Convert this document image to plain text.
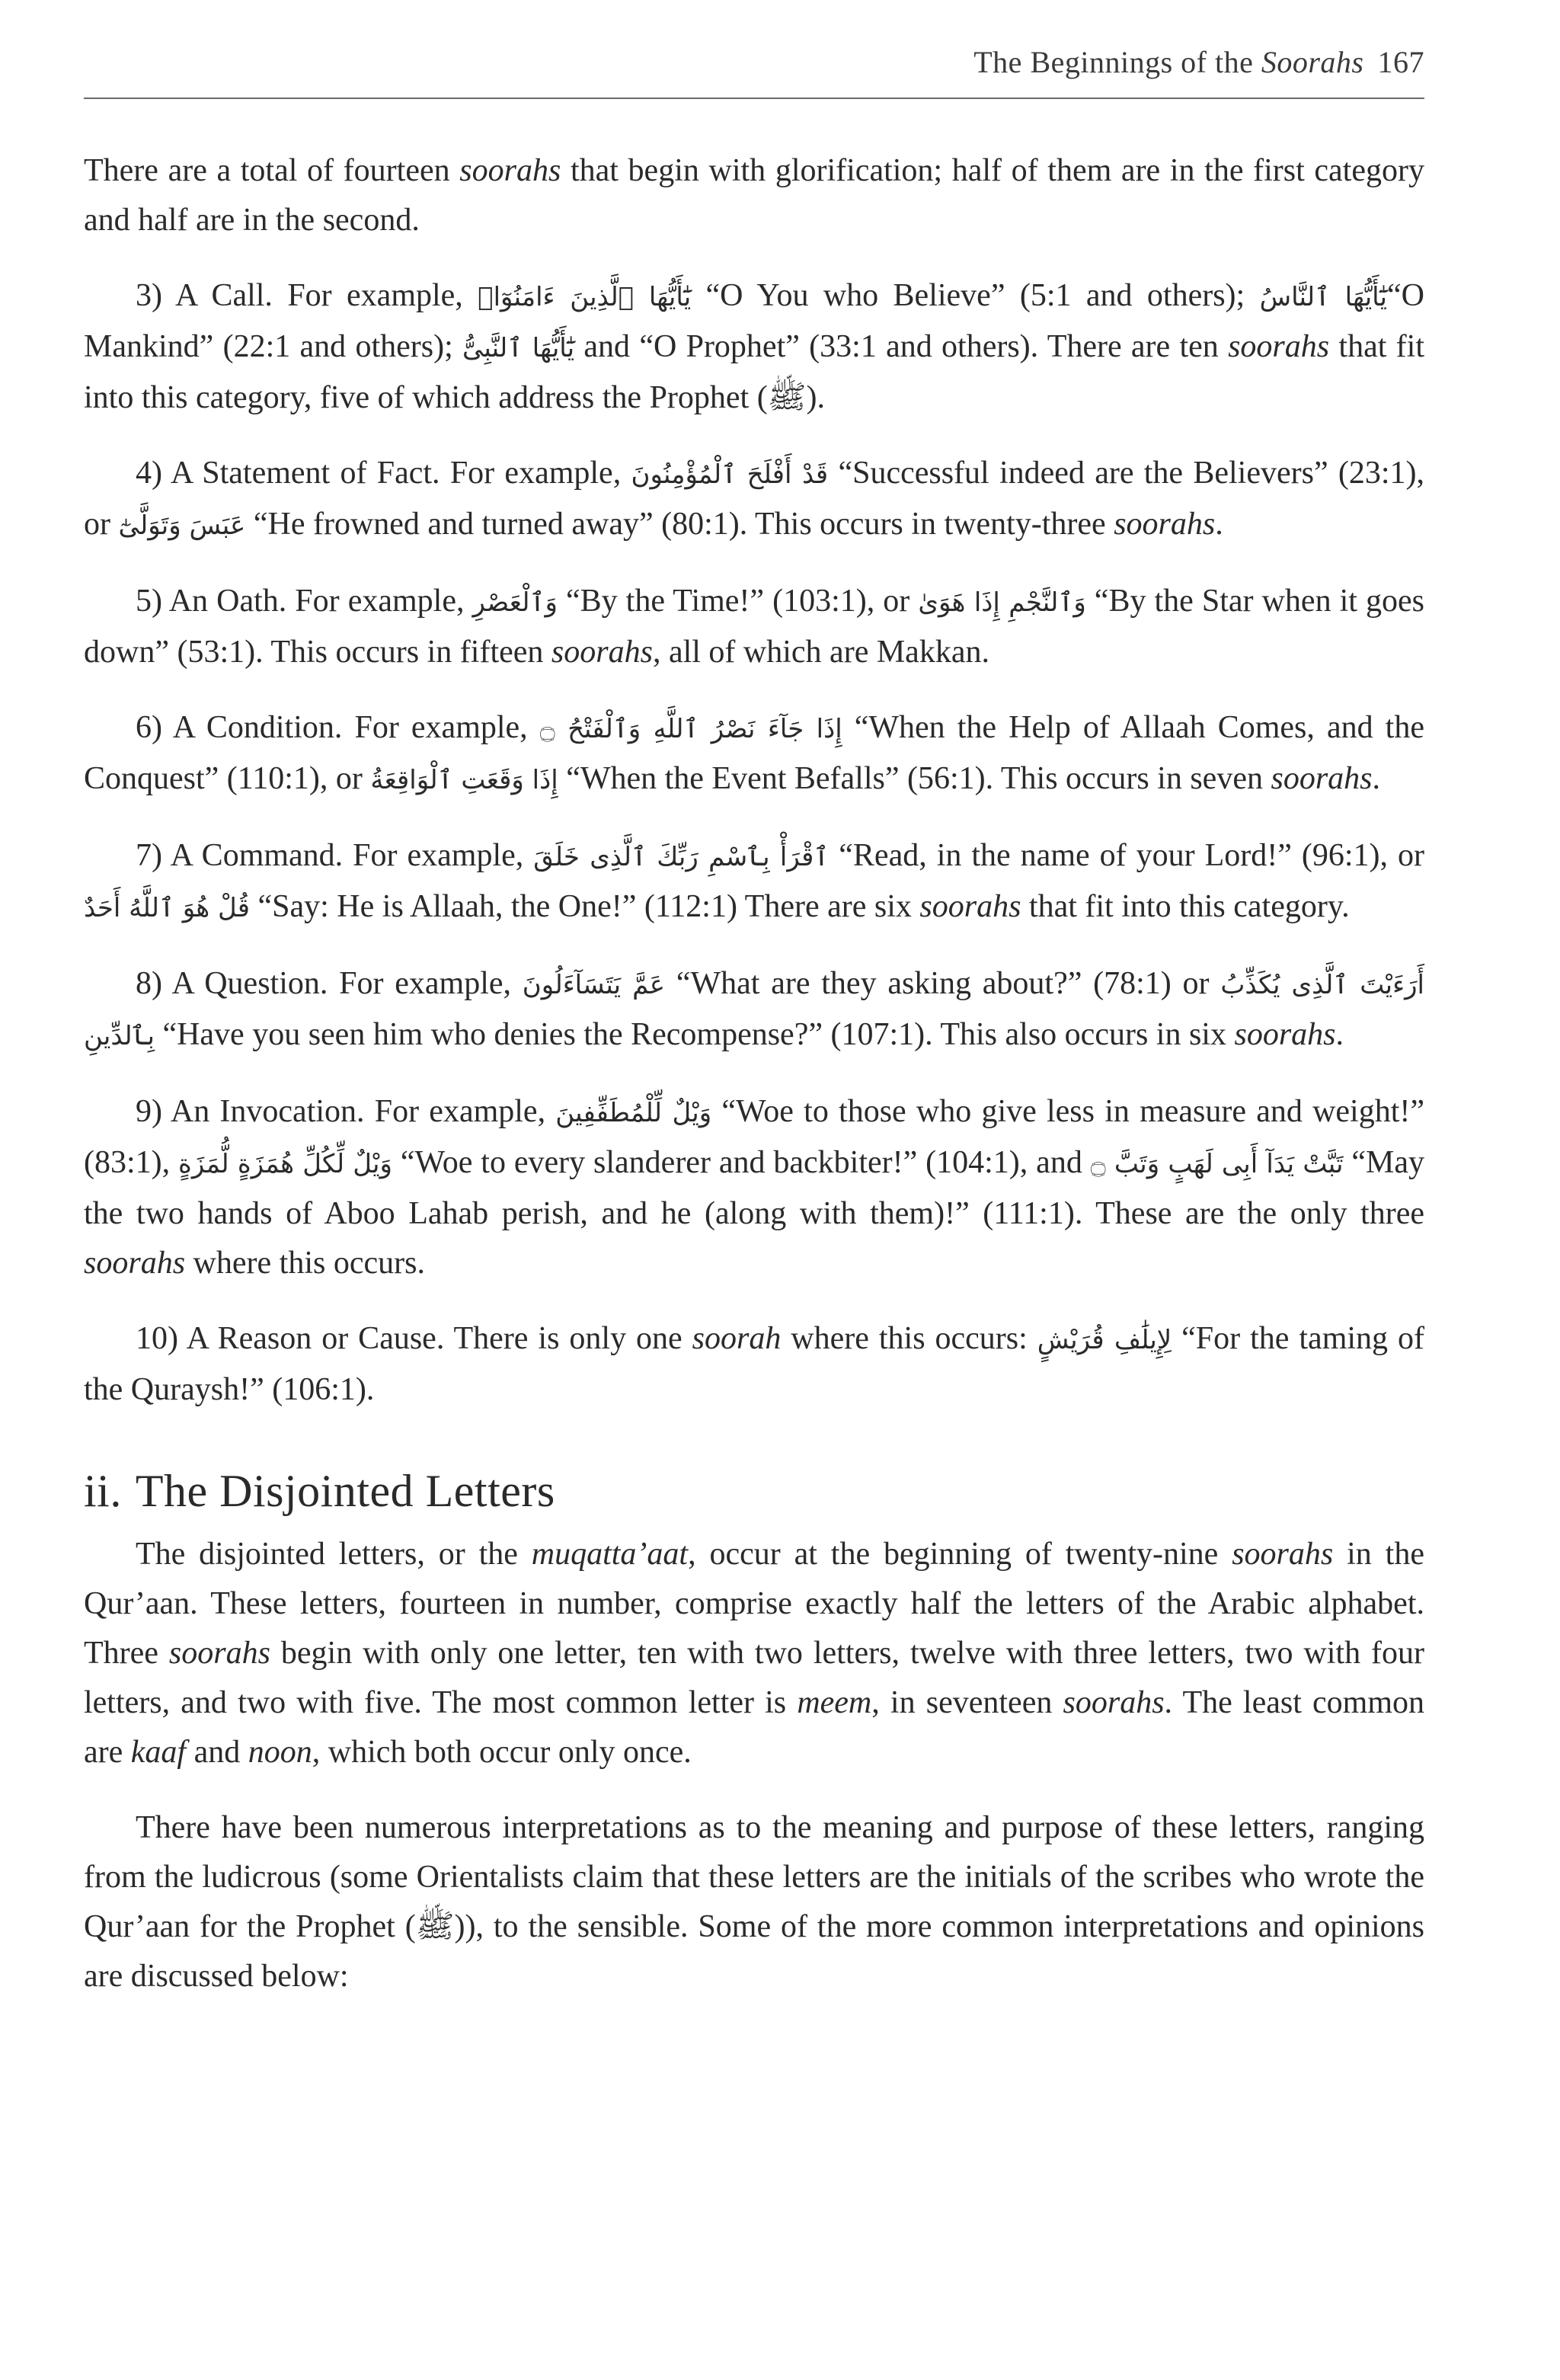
The Beginnings of the Soorahs 167

There are a total of fourteen soorahs that begin with glorification; half of them are in the first category and half are in the second.

3) A Call. For example, يَٰٓأَيُّهَا ٱلَّذِينَ ءَامَنُوٓا۟ “O You who Believe” (5:1 and others); يَٰٓأَيُّهَا ٱلنَّاسُ“O Mankind” (22:1 and others); يَٰٓأَيُّهَا ٱلنَّبِىُّ and “O Prophet” (33:1 and others). There are ten soorahs that fit into this category, five of which address the Prophet (ﷺ).

4) A Statement of Fact. For example, قَدْ أَفْلَحَ ٱلْمُؤْمِنُونَ “Successful indeed are the Believers” (23:1), or عَبَسَ وَتَوَلَّىٰٓ “He frowned and turned away” (80:1). This occurs in twenty-three soorahs.

5) An Oath. For example, وَٱلْعَصْرِ “By the Time!” (103:1), or وَٱلنَّجْمِ إِذَا هَوَىٰ “By the Star when it goes down” (53:1). This occurs in fifteen soorahs, all of which are Makkan.

6) A Condition. For example, إِذَا جَآءَ نَصْرُ ٱللَّهِ وَٱلْفَتْحُ ۝ “When the Help of Allaah Comes, and the Conquest” (110:1), or إِذَا وَقَعَتِ ٱلْوَاقِعَةُ “When the Event Befalls” (56:1). This occurs in seven soorahs.

7) A Command. For example, ٱقْرَأْ بِٱسْمِ رَبِّكَ ٱلَّذِى خَلَقَ “Read, in the name of your Lord!” (96:1), or قُلْ هُوَ ٱللَّهُ أَحَدٌ “Say: He is Allaah, the One!” (112:1) There are six soorahs that fit into this category.

8) A Question. For example, عَمَّ يَتَسَآءَلُونَ “What are they asking about?” (78:1) or أَرَءَيْتَ ٱلَّذِى يُكَذِّبُ بِٱلدِّينِ “Have you seen him who denies the Recompense?” (107:1). This also occurs in six soorahs.

9) An Invocation. For example, وَيْلٌ لِّلْمُطَفِّفِينَ “Woe to those who give less in measure and weight!” (83:1), وَيْلٌ لِّكُلِّ هُمَزَةٍ لُّمَزَةٍ “Woe to every slanderer and backbiter!” (104:1), and تَبَّتْ يَدَآ أَبِى لَهَبٍ وَتَبَّ ۝ “May the two hands of Aboo Lahab perish, and he (along with them)!” (111:1). These are the only three soorahs where this occurs.

10) A Reason or Cause. There is only one soorah where this occurs: لِإِيلَٰفِ قُرَيْشٍ “For the taming of the Quraysh!” (106:1).

ii. The Disjointed Letters

The disjointed letters, or the muqatta’aat, occur at the beginning of twenty-nine soorahs in the Qur’aan. These letters, fourteen in number, comprise exactly half the letters of the Arabic alphabet. Three soorahs begin with only one letter, ten with two letters, twelve with three letters, two with four letters, and two with five. The most common letter is meem, in seventeen soorahs. The least common are kaaf and noon, which both occur only once.

There have been numerous interpretations as to the meaning and purpose of these letters, ranging from the ludicrous (some Orientalists claim that these letters are the initials of the scribes who wrote the Qur’aan for the Prophet (ﷺ)), to the sensible. Some of the more common interpretations and opinions are discussed below:
